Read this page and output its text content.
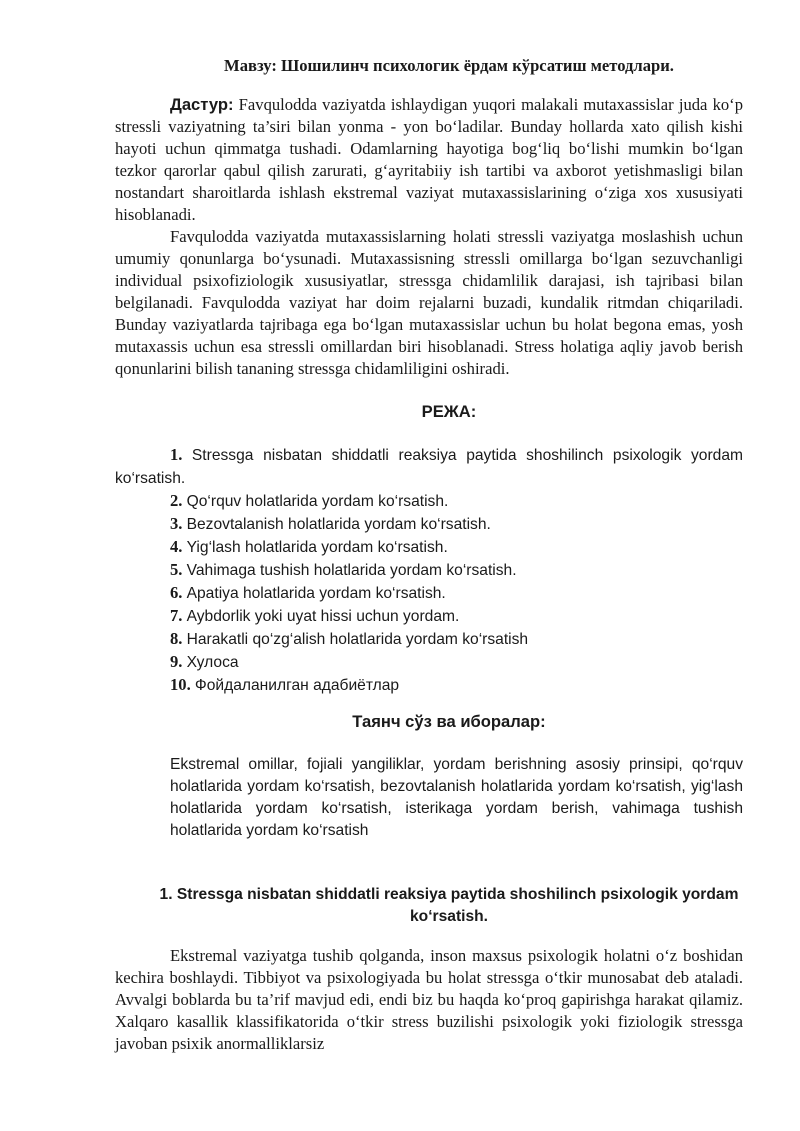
Мавзу: Шошилинч психологик ёрдам кўрсатиш методлари.

Дастур: Favqulodda vaziyatda ishlaydigan yuqori malakali mutaxassislar juda ko‘p stressli vaziyatning ta’siri bilan yonma - yon bo‘ladilar. Bunday hollarda xato qilish kishi hayoti uchun qimmatga tushadi. Odamlarning hayotiga bog‘liq bo‘lishi mumkin bo‘lgan tezkor qarorlar qabul qilish zarurati, g‘ayritabiiy ish tartibi va axborot yetishmasligi bilan nostandart sharoitlarda ishlash ekstremal vaziyat mutaxassislarining o‘ziga xos xususiyati hisoblanadi.

Favqulodda vaziyatda mutaxassislarning holati stressli vaziyatga moslashish uchun umumiy qonunlarga bo‘ysunadi. Mutaxassisning stressli omillarga bo‘lgan sezuvchanligi individual psixofiziologik xususiyatlar, stressga chidamlilik darajasi, ish tajribasi bilan belgilanadi. Favqulodda vaziyat har doim rejalarni buzadi, kundalik ritmdan chiqariladi. Bunday vaziyatlarda tajribaga ega bo‘lgan mutaxassislar uchun bu holat begona emas, yosh mutaxassis uchun esa stressli omillardan biri hisoblanadi. Stress holatiga aqliy javob berish qonunlarini bilish tananing stressga chidamliligini oshiradi.

РЕЖА:

1. Stressga nisbatan shiddatli reaksiya paytida shoshilinch psixologik yordam ko‘rsatish.

2. Qo‘rquv holatlarida yordam ko‘rsatish.

3. Bezovtalanish holatlarida yordam ko‘rsatish.

4. Yig‘lash holatlarida yordam ko‘rsatish.

5. Vahimaga tushish holatlarida yordam ko‘rsatish.

6. Apatiya holatlarida yordam ko‘rsatish.

7. Aybdorlik yoki uyat hissi uchun yordam.

8. Harakatli qo‘zg‘alish holatlarida yordam ko‘rsatish

9. Хулоса

10. Фойдаланилган адабиётлар

Таянч сўз ва иборалар:

Ekstremal omillar, fojiali yangiliklar, yordam berishning asosiy prinsipi, qo‘rquv holatlarida yordam ko‘rsatish, bezovtalanish holatlarida yordam ko‘rsatish, yig‘lash holatlarida yordam ko‘rsatish, isterikaga yordam berish, vahimaga tushish holatlarida yordam ko‘rsatish

1. Stressga nisbatan shiddatli reaksiya paytida shoshilinch psixologik yordam ko‘rsatish.

Ekstremal vaziyatga tushib qolganda, inson maxsus psixologik holatni o‘z boshidan kechira boshlaydi. Tibbiyot va psixologiyada bu holat stressga o‘tkir munosabat deb ataladi. Avvalgi boblarda bu ta’rif mavjud edi, endi biz bu haqda ko‘proq gapirishga harakat qilamiz. Xalqaro kasallik klassifikatorida o‘tkir stress buzilishi psixologik yoki fiziologik stressga javoban psixik anormalliklarsiz
